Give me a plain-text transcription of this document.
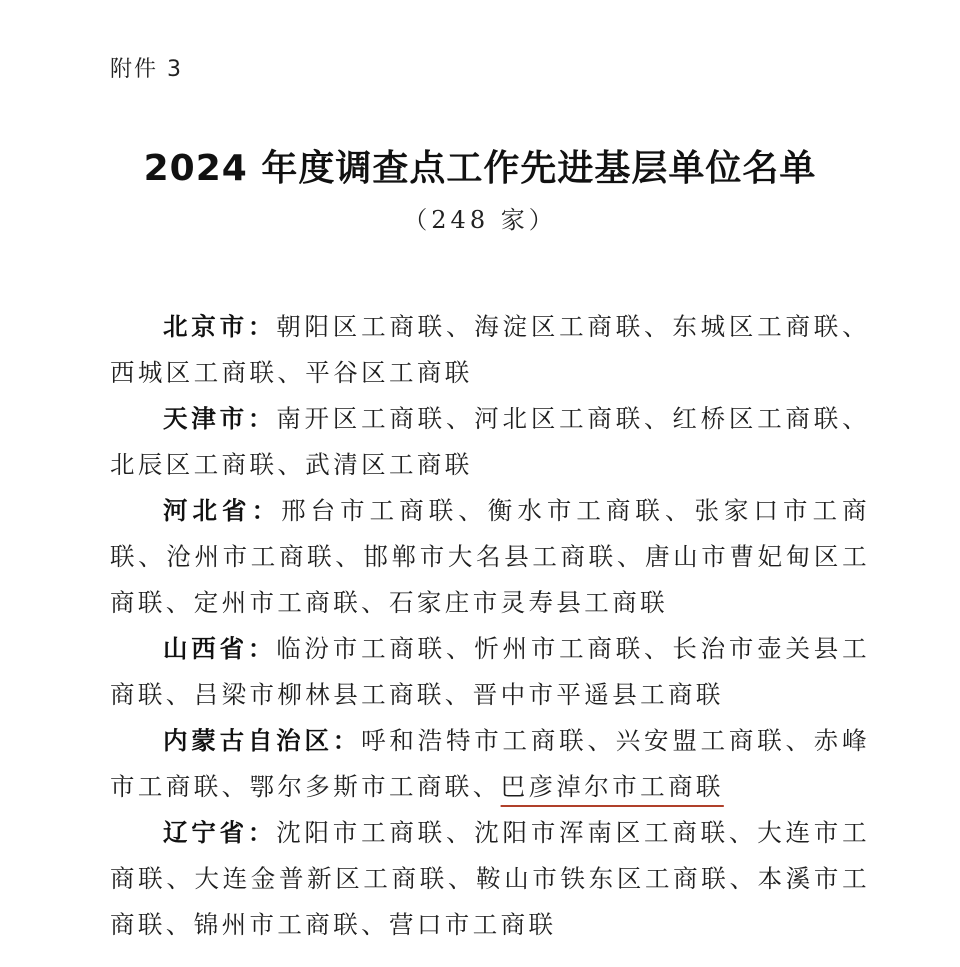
附件 3
2024 年度调查点工作先进基层单位名单
（248 家）

北京市：朝阳区工商联、海淀区工商联、东城区工商联、西城区工商联、平谷区工商联

天津市：南开区工商联、河北区工商联、红桥区工商联、北辰区工商联、武清区工商联

河北省：邢台市工商联、衡水市工商联、张家口市工商联、沧州市工商联、邯郸市大名县工商联、唐山市曹妃甸区工商联、定州市工商联、石家庄市灵寿县工商联

山西省：临汾市工商联、忻州市工商联、长治市壶关县工商联、吕梁市柳林县工商联、晋中市平遥县工商联

内蒙古自治区：呼和浩特市工商联、兴安盟工商联、赤峰市工商联、鄂尔多斯市工商联、巴彦淖尔市工商联

辽宁省：沈阳市工商联、沈阳市浑南区工商联、大连市工商联、大连金普新区工商联、鞍山市铁东区工商联、本溪市工商联、锦州市工商联、营口市工商联
